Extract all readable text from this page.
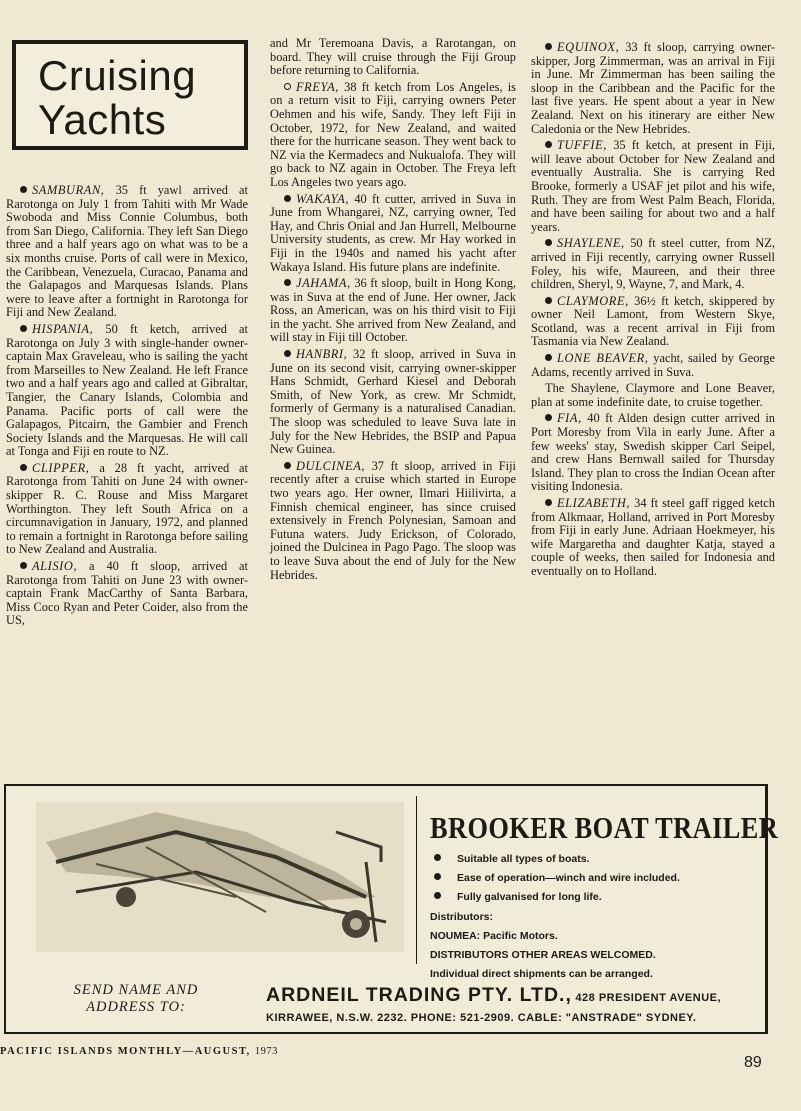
Cruising
Yachts

SAMBURAN, 35 ft yawl arrived at Rarotonga on July 1 from Tahiti with Mr Wade Swoboda and Miss Connie Columbus, both from San Diego, California. They left San Diego three and a half years ago on what was to be a six months cruise. Ports of call were in Mexico, the Caribbean, Venezuela, Curacao, Panama and the Galapagos and Marquesas Islands. Plans were to leave after a fortnight in Rarotonga for Fiji and New Zealand.

HISPANIA, 50 ft ketch, arrived at Rarotonga on July 3 with single-hander owner-captain Max Graveleau, who is sailing the yacht from Marseilles to New Zealand. He left France two and a half years ago and called at Gibraltar, Tangier, the Canary Islands, Colombia and Panama. Pacific ports of call were the Galapagos, Pitcairn, the Gambier and French Society Islands and the Marquesas. He will call at Tonga and Fiji en route to NZ.

CLIPPER, a 28 ft yacht, arrived at Rarotonga from Tahiti on June 24 with owner-skipper R. C. Rouse and Miss Margaret Worthington. They left South Africa on a circumnavigation in January, 1972, and planned to remain a fortnight in Rarotonga before sailing to New Zealand and Australia.

ALISIO, a 40 ft sloop, arrived at Rarotonga from Tahiti on June 23 with owner-captain Frank MacCarthy of Santa Barbara, Miss Coco Ryan and Peter Coider, also from the US,

and Mr Teremoana Davis, a Rarotangan, on board. They will cruise through the Fiji Group before returning to California.

FREYA, 38 ft ketch from Los Angeles, is on a return visit to Fiji, carrying owners Peter Oehmen and his wife, Sandy. They left Fiji in October, 1972, for New Zealand, and waited there for the hurricane season. They went back to NZ via the Kermadecs and Nukualofa. They will go back to NZ again in October. The Freya left Los Angeles two years ago.

WAKAYA, 40 ft cutter, arrived in Suva in June from Whangarei, NZ, carrying owner, Ted Hay, and Chris Onial and Jan Hurrell, Melbourne University students, as crew. Mr Hay worked in Fiji in the 1940s and named his yacht after Wakaya Island. His future plans are indefinite.

JAHAMA, 36 ft sloop, built in Hong Kong, was in Suva at the end of June. Her owner, Jack Ross, an American, was on his third visit to Fiji in the yacht. She arrived from New Zealand, and will stay in Fiji till October.

HANBRI, 32 ft sloop, arrived in Suva in June on its second visit, carrying owner-skipper Hans Schmidt, Gerhard Kiesel and Deborah Smith, of New York, as crew. Mr Schmidt, formerly of Germany is a naturalised Canadian. The sloop was scheduled to leave Suva late in July for the New Hebrides, the BSIP and Papua New Guinea.

DULCINEA, 37 ft sloop, arrived in Fiji recently after a cruise which started in Europe two years ago. Her owner, Ilmari Hiilivirta, a Finnish chemical engineer, has since cruised extensively in French Polynesian, Samoan and Futuna waters. Judy Erickson, of Colorado, joined the Dulcinea in Pago Pago. The sloop was to leave Suva about the end of July for the New Hebrides.

EQUINOX, 33 ft sloop, carrying owner-skipper, Jorg Zimmerman, was an arrival in Fiji in June. Mr Zimmerman has been sailing the sloop in the Caribbean and the Pacific for the last five years. He spent about a year in New Zealand. Next on his itinerary are either New Caledonia or the New Hebrides.

TUFFIE, 35 ft ketch, at present in Fiji, will leave about October for New Zealand and eventually Australia. She is carrying Red Brooke, formerly a USAF jet pilot and his wife, Ruth. They are from West Palm Beach, Florida, and have been sailing for about two and a half years.

SHAYLENE, 50 ft steel cutter, from NZ, arrived in Fiji recently, carrying owner Russell Foley, his wife, Maureen, and their three children, Sheryl, 9, Wayne, 7, and Mark, 4.

CLAYMORE, 36½ ft ketch, skippered by owner Neil Lamont, from Western Skye, Scotland, was a recent arrival in Fiji from Tasmania via New Zealand.

LONE BEAVER, yacht, sailed by George Adams, recently arrived in Suva.

The Shaylene, Claymore and Lone Beaver, plan at some indefinite date, to cruise together.

FIA, 40 ft Alden design cutter arrived in Port Moresby from Vila in early June. After a few weeks' stay, Swedish skipper Carl Seipel, and crew Hans Bernwall sailed for Thursday Island. They plan to cross the Indian Ocean after visiting Indonesia.

ELIZABETH, 34 ft steel gaff rigged ketch from Alkmaar, Holland, arrived in Port Moresby from Fiji in early June. Adriaan Hoekmeyer, his wife Margaretha and daughter Katja, stayed a couple of weeks, then sailed for Indonesia and eventually on to Holland.

BROOKER BOAT TRAILER
Suitable all types of boats.
Ease of operation—winch and wire included.
Fully galvanised for long life.
Distributors:
NOUMEA: Pacific Motors.
DISTRIBUTORS OTHER AREAS WELCOMED.
Individual direct shipments can be arranged.
SEND NAME AND
ADDRESS TO:
ARDNEIL TRADING PTY. LTD., 428 PRESIDENT AVENUE,
KIRRAWEE, N.S.W. 2232. PHONE: 521-2909. CABLE: "ANSTRADE" SYDNEY.
PACIFIC ISLANDS MONTHLY—AUGUST, 1973
89
